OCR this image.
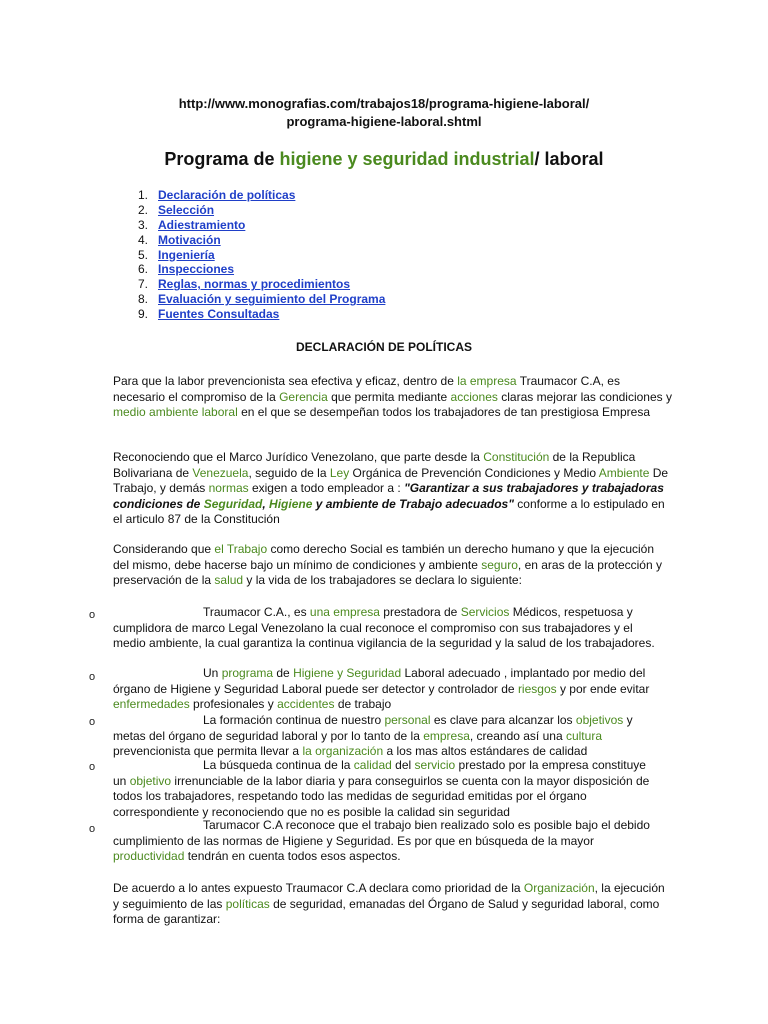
http://www.monografias.com/trabajos18/programa-higiene-laboral/
programa-higiene-laboral.shtml
Programa de higiene y seguridad industrial/ laboral
1. Declaración de políticas
2. Selección
3. Adiestramiento
4. Motivación
5. Ingeniería
6. Inspecciones
7. Reglas, normas y procedimientos
8. Evaluación y seguimiento del Programa
9. Fuentes Consultadas
DECLARACIÓN DE POLÍTICAS

Para que la labor prevencionista sea efectiva y eficaz, dentro de la empresa Traumacor C.A, es necesario el compromiso de la Gerencia que permita mediante acciones claras mejorar las condiciones y medio ambiente laboral en el que se desempeñan todos los trabajadores de tan prestigiosa Empresa

Reconociendo que el Marco Jurídico Venezolano, que parte desde la Constitución de la Republica Bolivariana de Venezuela, seguido de la Ley Orgánica de Prevención Condiciones y Medio Ambiente De Trabajo, y demás normas exigen a todo empleador a : "Garantizar a sus trabajadores y trabajadoras condiciones de Seguridad, Higiene y ambiente de Trabajo adecuados" conforme a lo estipulado en el articulo 87 de la Constitución

Considerando que el Trabajo como derecho Social es también un derecho humano y que la ejecución del mismo, debe hacerse bajo un mínimo de condiciones y ambiente seguro, en aras de la protección y preservación de la salud y la vida de los trabajadores se declara lo siguiente:

o	Traumacor C.A., es una empresa prestadora de Servicios Médicos, respetuosa y cumplidora de marco Legal Venezolano la cual reconoce el compromiso con sus trabajadores y el medio ambiente, la cual garantiza la continua vigilancia de la seguridad y la salud de los trabajadores.

o	Un programa de Higiene y Seguridad Laboral adecuado , implantado por medio del órgano de Higiene y Seguridad Laboral puede ser detector y controlador de riesgos y por ende evitar enfermedades profesionales y accidentes de trabajo

o	La formación continua de nuestro personal es clave para alcanzar los objetivos y metas del órgano de seguridad laboral y por lo tanto de la empresa, creando así una cultura prevencionista que permita llevar a la organización a los mas altos estándares de calidad

o	La búsqueda continua de la calidad del servicio prestado por la empresa constituye un objetivo irrenunciable de la labor diaria y para conseguirlos se cuenta con la mayor disposición de todos los trabajadores, respetando todo las medidas de seguridad emitidas por el órgano correspondiente y reconociendo que no es posible la calidad sin seguridad

o	Tarumacor C.A reconoce que el trabajo bien realizado solo es posible bajo el debido cumplimiento de las normas de Higiene y Seguridad. Es por que en búsqueda de la mayor productividad tendrán en cuenta todos esos aspectos.

De acuerdo a lo antes expuesto Traumacor C.A declara como prioridad de la Organización, la ejecución y seguimiento de las políticas de seguridad, emanadas del Órgano de Salud y seguridad laboral, como forma de garantizar:
